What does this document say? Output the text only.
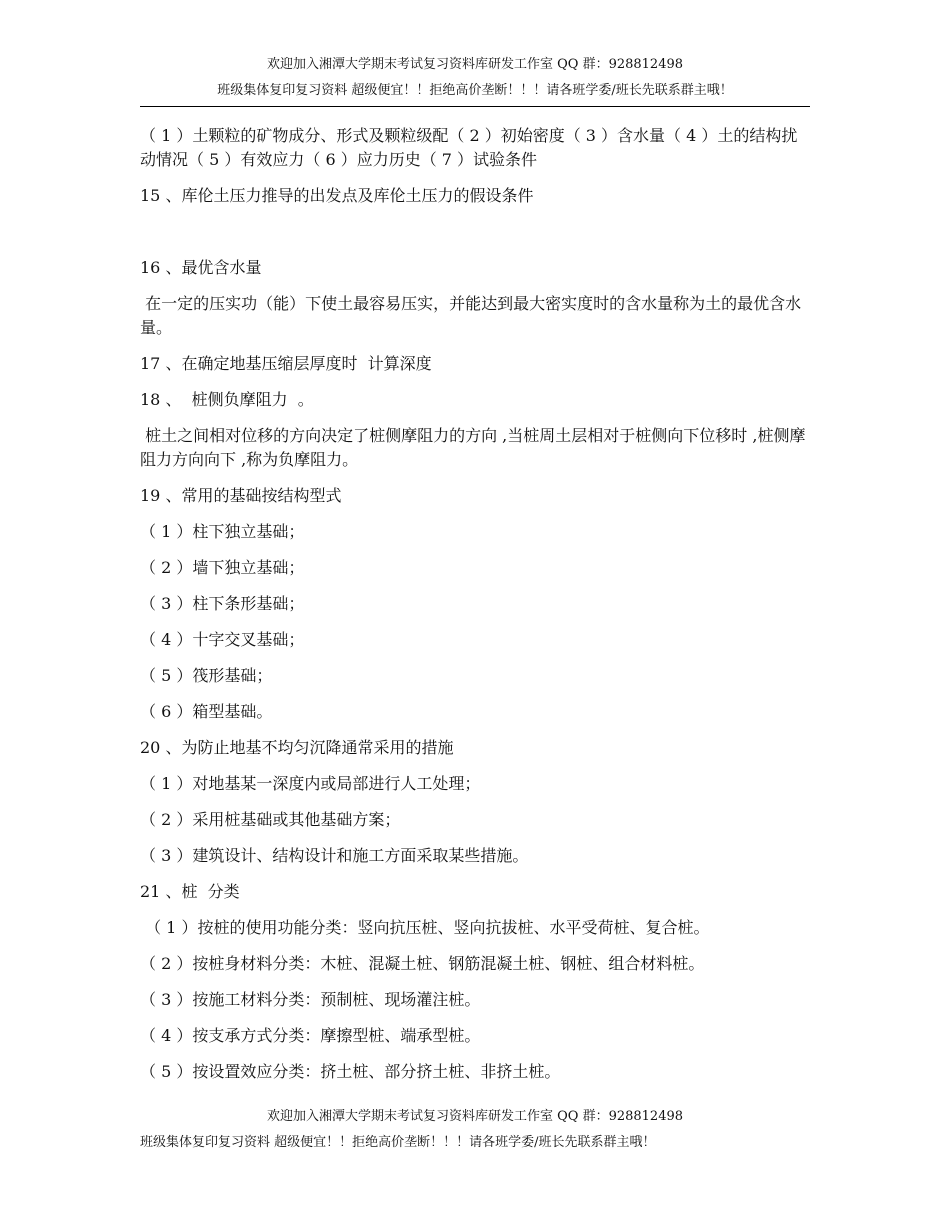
欢迎加入湘潭大学期末考试复习资料库研发工作室 QQ 群：928812498
班级集体复印复习资料 超级便宜！！拒绝高价垄断！！！请各班学委/班长先联系群主哦！

（ 1 ）土颗粒的矿物成分、形式及颗粒级配（ 2 ）初始密度（ 3 ）含水量（ 4 ）土的结构扰动情况（ 5 ）有效应力（ 6 ）应力历史（ 7 ）试验条件

15 、库伦土压力推导的出发点及库伦土压力的假设条件

16 、最优含水量

在一定的压实功（能）下使土最容易压实，并能达到最大密实度时的含水量称为土的最优含水量。

17 、在确定地基压缩层厚度时  计算深度

18 、  桩侧负摩阻力  。

桩土之间相对位移的方向决定了桩侧摩阻力的方向 ,当桩周土层相对于桩侧向下位移时 ,桩侧摩阻力方向向下 ,称为负摩阻力。

19 、常用的基础按结构型式

（ 1 ）柱下独立基础；

（ 2 ）墙下独立基础；

（ 3 ）柱下条形基础；

（ 4 ）十字交叉基础；

（ 5 ）筏形基础；

（ 6 ）箱型基础。

20 、为防止地基不均匀沉降通常采用的措施

（ 1 ）对地基某一深度内或局部进行人工处理；

（ 2 ）采用桩基础或其他基础方案；

（ 3 ）建筑设计、结构设计和施工方面采取某些措施。

21 、桩  分类

（ 1 ）按桩的使用功能分类：竖向抗压桩、竖向抗拔桩、水平受荷桩、复合桩。

（ 2 ）按桩身材料分类：木桩、混凝土桩、钢筋混凝土桩、钢桩、组合材料桩。

（ 3 ）按施工材料分类：预制桩、现场灌注桩。

（ 4 ）按支承方式分类：摩擦型桩、端承型桩。

（ 5 ）按设置效应分类：挤土桩、部分挤土桩、非挤土桩。

欢迎加入湘潭大学期末考试复习资料库研发工作室 QQ 群：928812498
班级集体复印复习资料 超级便宜！！拒绝高价垄断！！！请各班学委/班长先联系群主哦！
